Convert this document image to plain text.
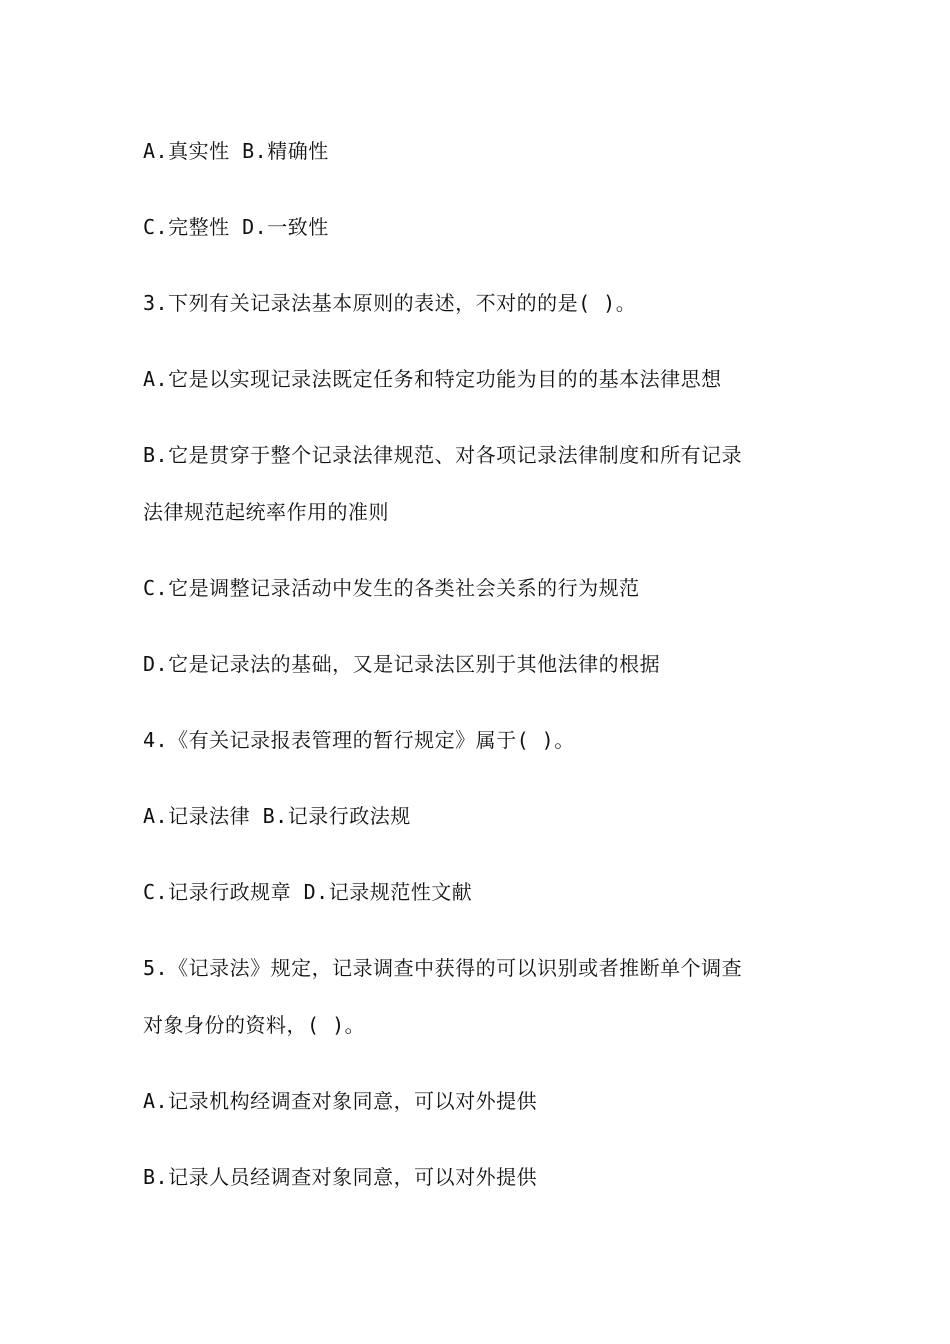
A.真实性 B.精确性
C.完整性 D.一致性
3.下列有关记录法基本原则的表述，不对的的是( )。
A.它是以实现记录法既定任务和特定功能为目的的基本法律思想
B.它是贯穿于整个记录法律规范、对各项记录法律制度和所有记录
法律规范起统率作用的准则
C.它是调整记录活动中发生的各类社会关系的行为规范
D.它是记录法的基础，又是记录法区别于其他法律的根据
4.《有关记录报表管理的暂行规定》属于( )。
A.记录法律 B.记录行政法规
C.记录行政规章 D.记录规范性文献
5.《记录法》规定，记录调查中获得的可以识别或者推断单个调查
对象身份的资料，( )。
A.记录机构经调查对象同意，可以对外提供
B.记录人员经调查对象同意，可以对外提供
